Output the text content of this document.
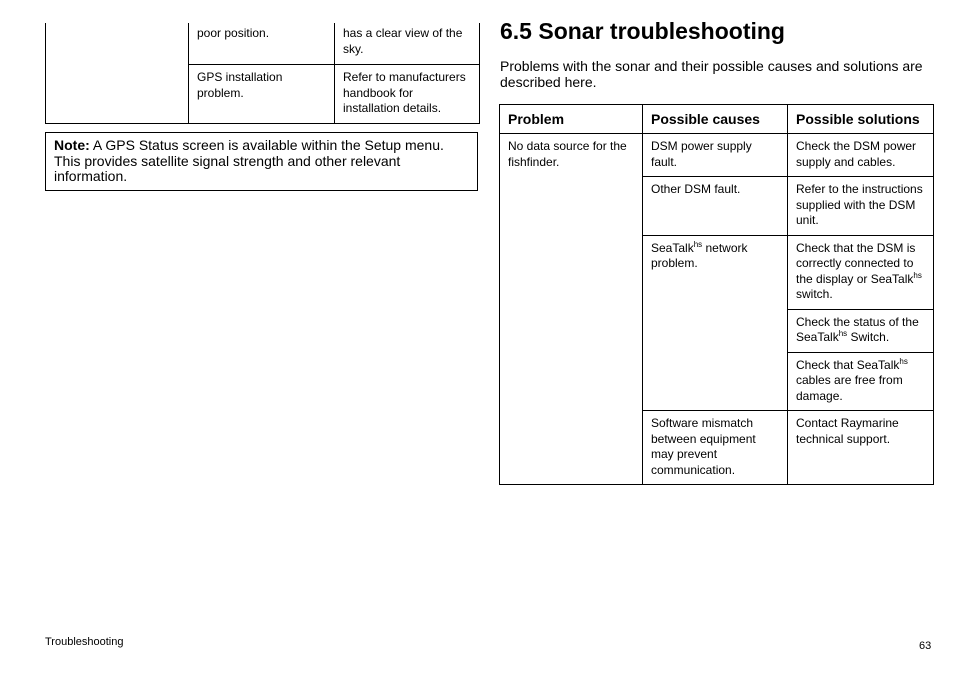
	poor position.	has a clear view of the sky.
	GPS installation problem.	Refer to manufacturers handbook for installation details.
Note: A GPS Status screen is available within the Setup menu. This provides satellite signal strength and other relevant information.
6.5 Sonar troubleshooting

Problems with the sonar and their possible causes and solutions are described here.

Problem	Possible causes	Possible solutions
No data source for the fishfinder.	DSM power supply fault.	Check the DSM power supply and cables.
	Other DSM fault.	Refer to the instructions supplied with the DSM unit.
	SeaTalk$^{hs}$ network problem.	Check that the DSM is correctly connected to the display or SeaTalk$^{hs}$ switch.
		Check the status of the SeaTalk$^{hs}$ Switch.
		Check that SeaTalk$^{hs}$ cables are free from damage.
	Software mismatch between equipment may prevent communication.	Contact Raymarine technical support.
Troubleshooting	63
